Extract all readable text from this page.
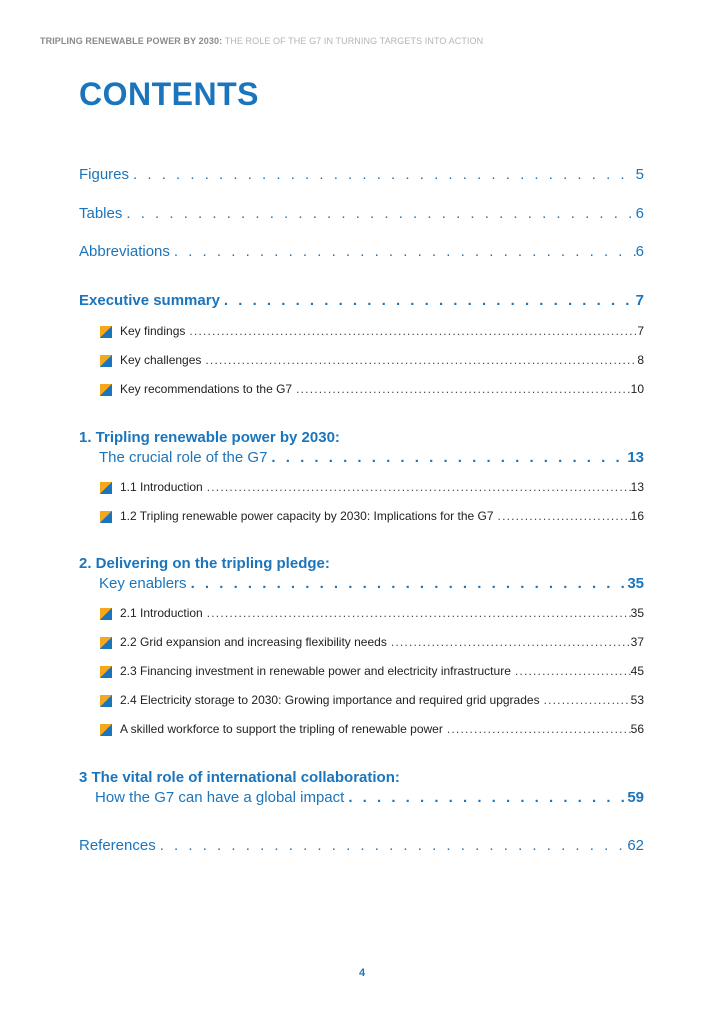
TRIPLING RENEWABLE POWER BY 2030: THE ROLE OF THE G7 IN TURNING TARGETS INTO ACTION
CONTENTS
Figures . . .	5
Tables . . .	6
Abbreviations . . .	6
Executive summary . . .	7
Key findings .....	7
Key challenges .....	8
Key recommendations to the G7 .....	10
1. Tripling renewable power by 2030:
The crucial role of the G7 . . .	13
1.1 Introduction .....	13
1.2 Tripling renewable power capacity by 2030: Implications for the G7 .....	16
2. Delivering on the tripling pledge:
Key enablers . . .	35
2.1 Introduction .....	35
2.2 Grid expansion and increasing flexibility needs .....	37
2.3 Financing investment in renewable power and electricity infrastructure .....	45
2.4 Electricity storage to 2030: Growing importance and required grid upgrades .....	53
A skilled workforce to support the tripling of renewable power .....	56
3 The vital role of international collaboration:
How the G7 can have a global impact . . .	59
References . . .	62
4
